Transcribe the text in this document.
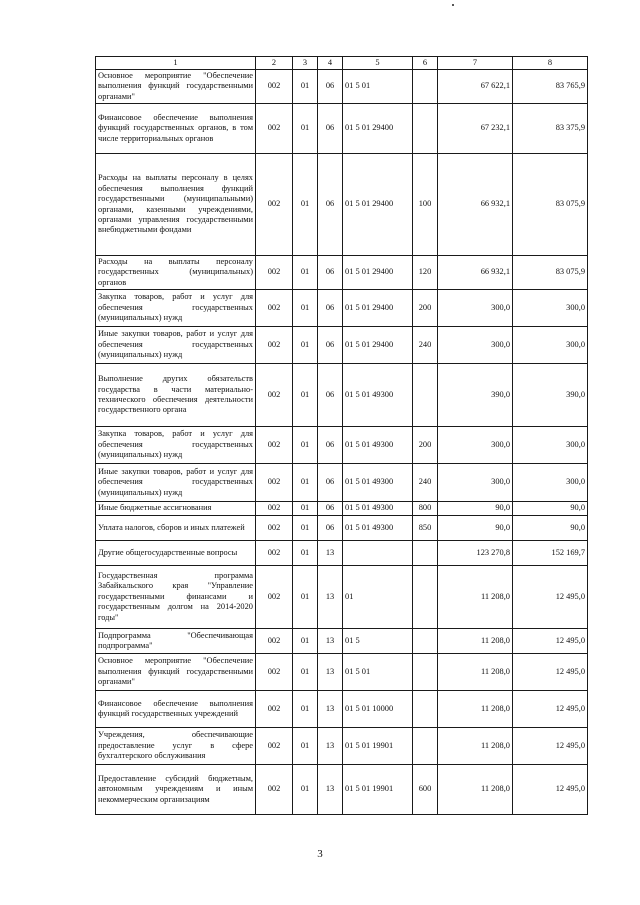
1	2	3	4	5	6	7	8
Основное мероприятие "Обеспечение выполнения функций государственными органами"	002	01	06	01 5 01		67 622,1	83 765,9
Финансовое обеспечение выполнения функций государственных органов, в том числе территориальных органов	002	01	06	01 5 01 29400		67 232,1	83 375,9
Расходы на выплаты персоналу в целях обеспечения выполнения функций государственными (муниципальными) органами, казенными учреждениями, органами управления государственными внебюджетными фондами	002	01	06	01 5 01 29400	100	66 932,1	83 075,9
Расходы на выплаты персоналу государственных (муниципальных) органов	002	01	06	01 5 01 29400	120	66 932,1	83 075,9
Закупка товаров, работ и услуг для обеспечения государственных (муниципальных) нужд	002	01	06	01 5 01 29400	200	300,0	300,0
Иные закупки товаров, работ и услуг для обеспечения государственных (муниципальных) нужд	002	01	06	01 5 01 29400	240	300,0	300,0
Выполнение других обязательств государства в части материально-технического обеспечения деятельности государственного органа	002	01	06	01 5 01 49300		390,0	390,0
Закупка товаров, работ и услуг для обеспечения государственных (муниципальных) нужд	002	01	06	01 5 01 49300	200	300,0	300,0
Иные закупки товаров, работ и услуг для обеспечения государственных (муниципальных) нужд	002	01	06	01 5 01 49300	240	300,0	300,0
Иные бюджетные ассигнования	002	01	06	01 5 01 49300	800	90,0	90,0
Уплата налогов, сборов и иных платежей	002	01	06	01 5 01 49300	850	90,0	90,0
Другие общегосударственные вопросы	002	01	13			123 270,8	152 169,7
Государственная программа Забайкальского края "Управление государственными финансами и государственным долгом на 2014-2020 годы"	002	01	13	01		11 208,0	12 495,0
Подпрограмма "Обеспечивающая подпрограмма"	002	01	13	01 5		11 208,0	12 495,0
Основное мероприятие "Обеспечение выполнения функций государственными органами"	002	01	13	01 5 01		11 208,0	12 495,0
Финансовое обеспечение выполнения функций государственных учреждений	002	01	13	01 5 01 10000		11 208,0	12 495,0
Учреждения, обеспечивающие предоставление услуг в сфере бухгалтерского обслуживания	002	01	13	01 5 01 19901		11 208,0	12 495,0
Предоставление субсидий бюджетным, автономным учреждениям и иным некоммерческим организациям	002	01	13	01 5 01 19901	600	11 208,0	12 495,0
3
